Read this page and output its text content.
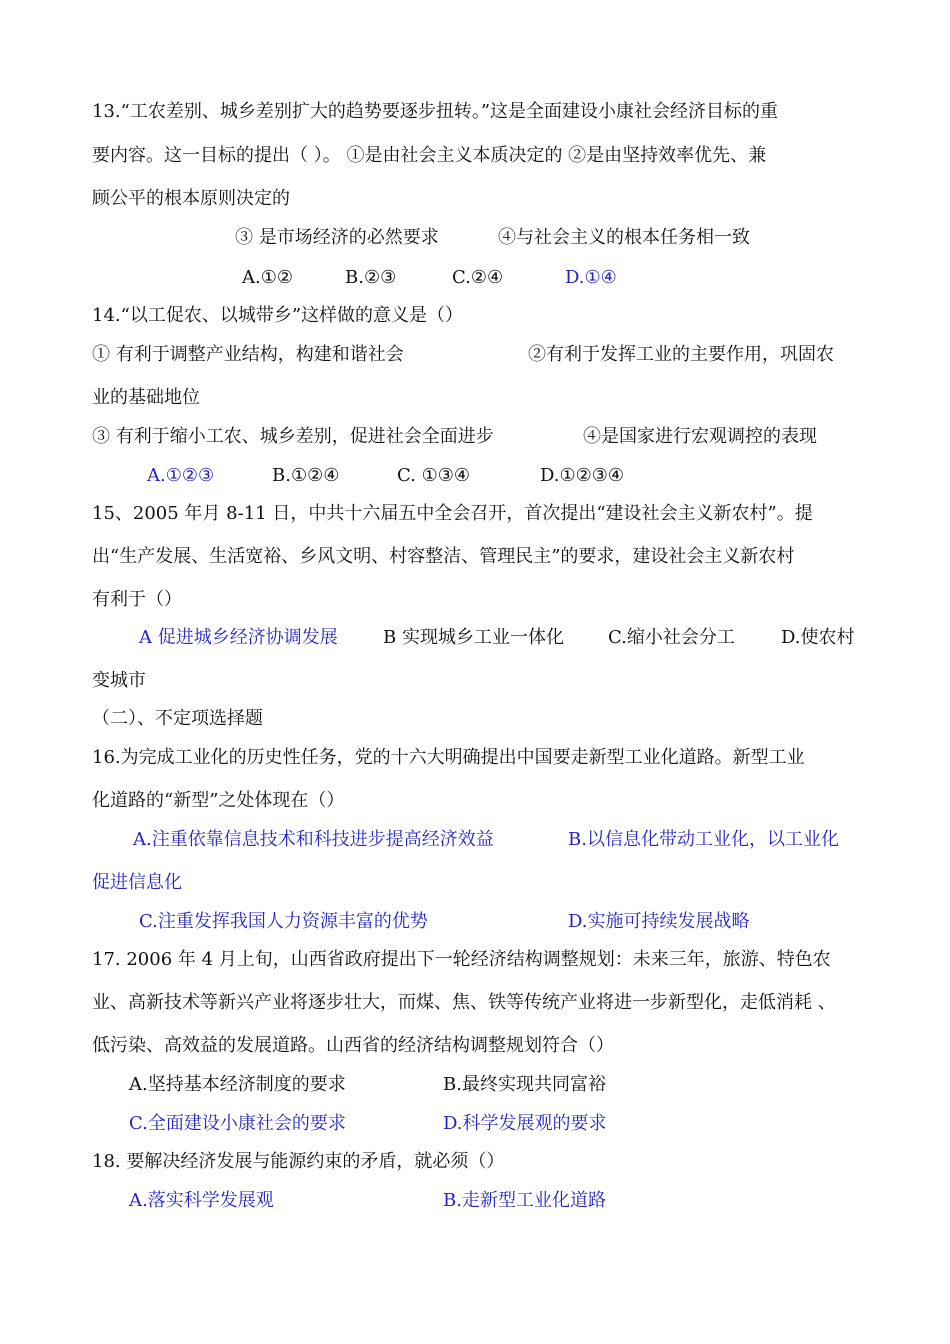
13.“工农差别、城乡差别扩大的趋势要逐步扭转。”这是全面建设小康社会经济目标的重
要内容。这一目标的提出（ ）。 ①是由社会主义本质决定的 ②是由坚持效率优先、兼
顾公平的根本原则决定的
③ 是市场经济的必然要求	④与社会主义的根本任务相一致
A.①②	B.②③	C.②④	D.①④
14.“以工促农、以城带乡”这样做的意义是（）
① 有利于调整产业结构，构建和谐社会	②有利于发挥工业的主要作用，巩固农
业的基础地位
③ 有利于缩小工农、城乡差别，促进社会全面进步	④是国家进行宏观调控的表现
A.①②③	B.①②④	C. ①③④	D.①②③④
15、2005 年月 8-11 日，中共十六届五中全会召开，首次提出“建设社会主义新农村”。提
出“生产发展、生活宽裕、乡风文明、村容整洁、管理民主”的要求，建设社会主义新农村
有利于（）
A 促进城乡经济协调发展	B 实现城乡工业一体化 C.缩小社会分工	D.使农村
变城市
（二）、不定项选择题
16.为完成工业化的历史性任务，党的十六大明确提出中国要走新型工业化道路。新型工业
化道路的“新型”之处体现在（）
A.注重依靠信息技术和科技进步提高经济效益	B.以信息化带动工业化，以工业化
促进信息化
C.注重发挥我国人力资源丰富的优势	D.实施可持续发展战略
17. 2006 年 4 月上旬，山西省政府提出下一轮经济结构调整规划：未来三年，旅游、特色农
业、高新技术等新兴产业将逐步壮大，而煤、焦、铁等传统产业将进一步新型化，走低消耗 、
低污染、高效益的发展道路。山西省的经济结构调整规划符合（）
A.坚持基本经济制度的要求	B.最终实现共同富裕
C.全面建设小康社会的要求	D.科学发展观的要求
18. 要解决经济发展与能源约束的矛盾，就必须（）
A.落实科学发展观	B.走新型工业化道路
